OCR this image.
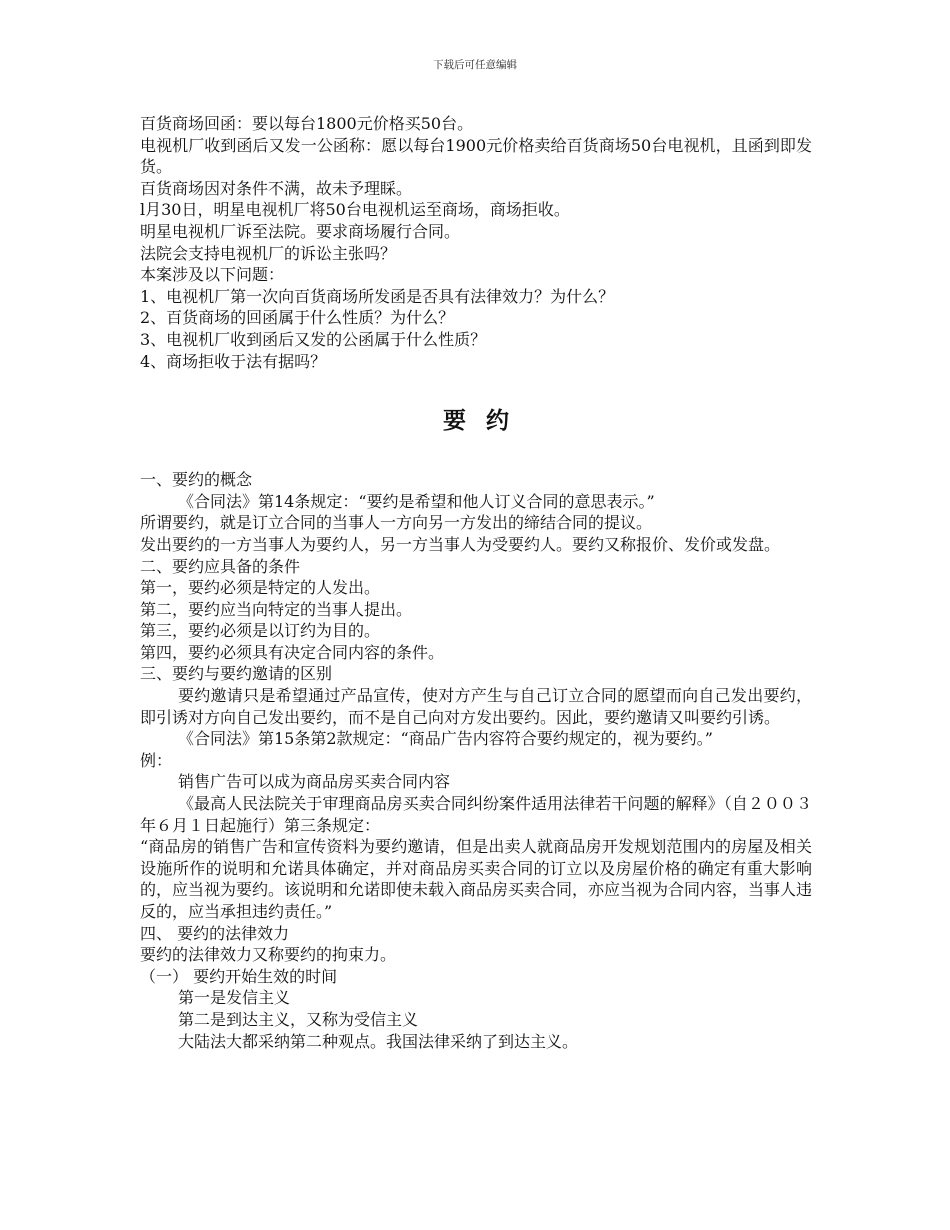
下载后可任意编辑

百货商场回函：要以每台1800元价格买50台。

电视机厂收到函后又发一公函称：愿以每台1900元价格卖给百货商场50台电视机，且函到即发货。

百货商场因对条件不满，故未予理睬。

l月30日，明星电视机厂将50台电视机运至商场，商场拒收。

明星电视机厂诉至法院。要求商场履行合同。

法院会支持电视机厂的诉讼主张吗？

本案涉及以下问题：

1、电视机厂第一次向百货商场所发函是否具有法律效力？为什么？

2、百货商场的回函属于什么性质？为什么？

3、电视机厂收到函后又发的公函属于什么性质？

4、商场拒收于法有据吗？

要约

一、要约的概念

《合同法》第14条规定：“要约是希望和他人订义合同的意思表示。”

所谓要约，就是订立合同的当事人一方向另一方发出的缔结合同的提议。

发出要约的一方当事人为要约人，另一方当事人为受要约人。要约又称报价、发价或发盘。

二、要约应具备的条件

第一，要约必须是特定的人发出。

第二，要约应当向特定的当事人提出。

第三，要约必须是以订约为目的。

第四，要约必须具有决定合同内容的条件。

三、要约与要约邀请的区别

要约邀请只是希望通过产品宣传，使对方产生与自己订立合同的愿望而向自己发出要约，即引诱对方向自己发出要约，而不是自己向对方发出要约。因此，要约邀请又叫要约引诱。

《合同法》第15条第2款规定：“商品广告内容符合要约规定的，视为要约。”

例：

销售广告可以成为商品房买卖合同内容

《最高人民法院关于审理商品房买卖合同纠纷案件适用法律若干问题的解释》（自２００３年６月１日起施行）第三条规定：

“商品房的销售广告和宣传资料为要约邀请，但是出卖人就商品房开发规划范围内的房屋及相关设施所作的说明和允诺具体确定，并对商品房买卖合同的订立以及房屋价格的确定有重大影响的，应当视为要约。该说明和允诺即使未载入商品房买卖合同，亦应当视为合同内容，当事人违反的，应当承担违约责任。”

四、 要约的法律效力

要约的法律效力又称要约的拘束力。

（一） 要约开始生效的时间

第一是发信主义

第二是到达主义，又称为受信主义

大陆法大都采纳第二种观点。我国法律采纳了到达主义。
